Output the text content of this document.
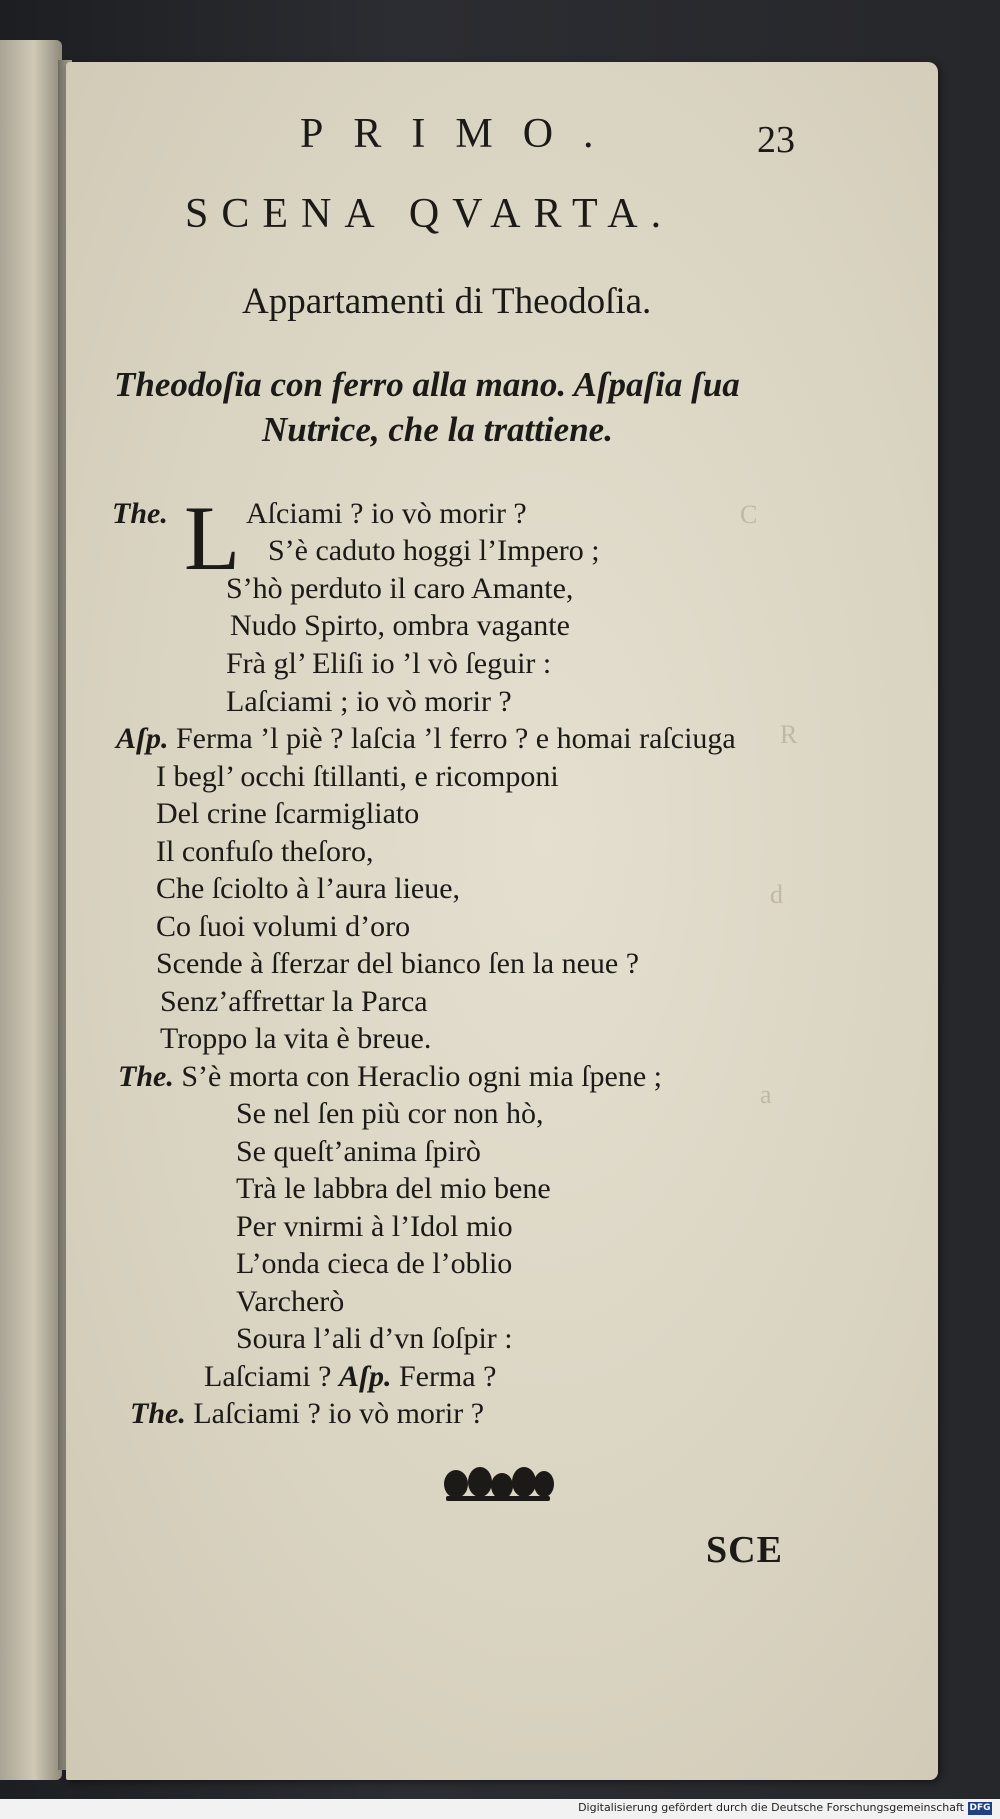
C
R
d
a
PRIMO.	23
SCENA QVARTA.
Appartamenti di Theodoſia.
Theodoſia con ferro alla mano. Aſpaſia ſua
Nutrice, che la trattiene.
L
The.	Aſciami ? io vò morir ?
S’è caduto hoggi l’Impero ;
S’hò perduto il caro Amante,
Nudo Spirto, ombra vagante
Frà gl’ Eliſi io ’l vò ſeguir :
Laſciami ; io vò morir ?
Aſp. Ferma ’l piè ? laſcia ’l ferro ? e homai raſciuga
I begl’ occhi ſtillanti, e ricomponi
Del crine ſcarmigliato
Il confuſo theſoro,
Che ſciolto à l’aura lieue,
Co ſuoi volumi d’oro
Scende à ſferzar del bianco ſen la neue ?
Senz’affrettar la Parca
Troppo la vita è breue.
The. S’è morta con Heraclio ogni mia ſpene ;
Se nel ſen più cor non hò,
Se queſt’anima ſpirò
Trà le labbra del mio bene
Per vnirmi à l’Idol mio
L’onda cieca de l’oblio
Varcherò
Soura l’ali d’vn ſoſpir :
Laſciami ? Aſp. Ferma ?
The. Laſciami ? io vò morir ?
SCE
Digitalisierung gefördert durch die Deutsche Forschungsgemeinschaft DFG
